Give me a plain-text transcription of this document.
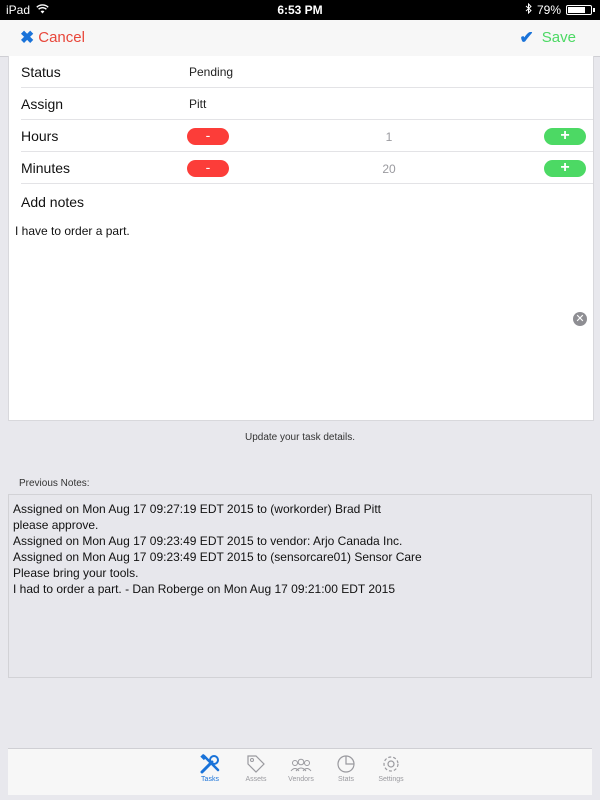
iPad	6:53 PM	79%
✖ Cancel	✔ Save
Status	Pending
Assign	Pitt
Hours	-	1	+
Minutes	-	20	+
Add notes
I have to order a part.
✕
Update your task details.
Previous Notes:
Assigned on Mon Aug 17 09:27:19 EDT 2015 to (workorder) Brad Pitt
please approve.
Assigned on Mon Aug 17 09:23:49 EDT 2015 to vendor: Arjo Canada Inc.
Assigned on Mon Aug 17 09:23:49 EDT 2015 to (sensorcare01) Sensor Care
Please bring your tools.
I had to order a part. - Dan Roberge on Mon Aug 17 09:21:00 EDT 2015
Tasks	Assets	Vendors	Stats	Settings
